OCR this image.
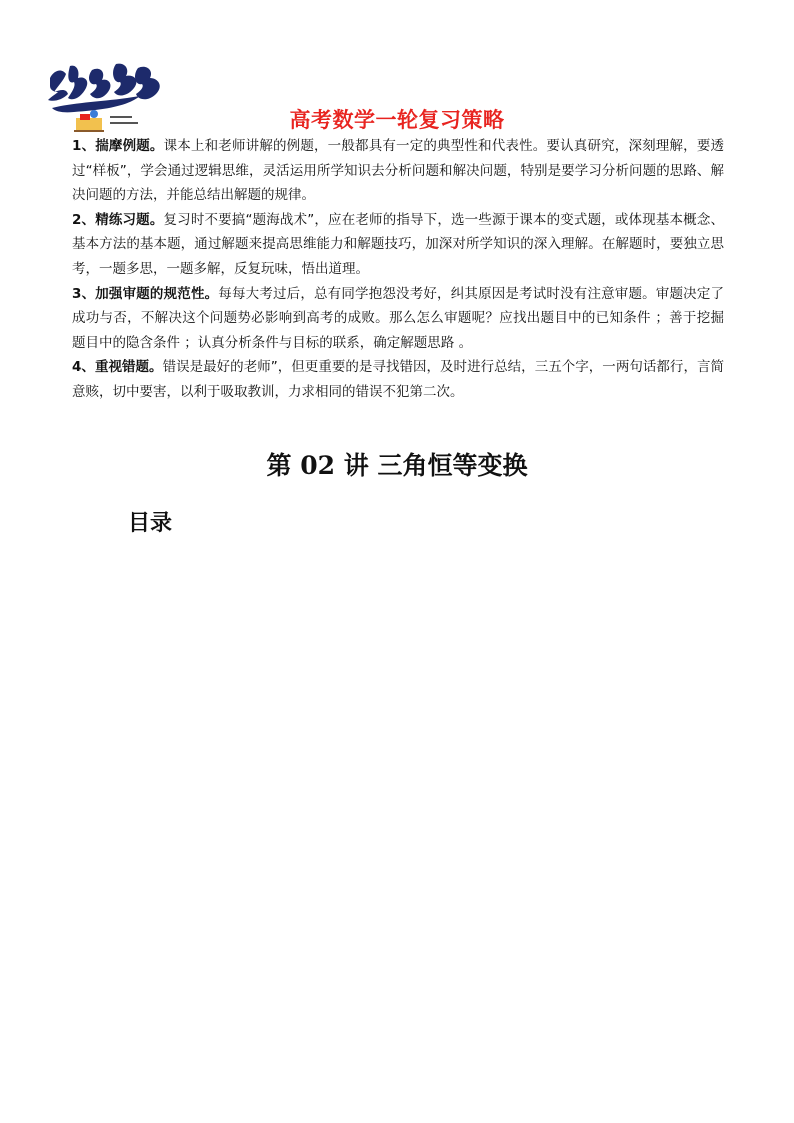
高考数学一轮复习策略

1、揣摩例题。课本上和老师讲解的例题，一般都具有一定的典型性和代表性。要认真研究，深刻理解，要透过“样板”，学会通过逻辑思维，灵活运用所学知识去分析问题和解决问题，特别是要学习分析问题的思路、解决问题的方法，并能总结出解题的规律。

2、精练习题。复习时不要搞“题海战术”，应在老师的指导下，选一些源于课本的变式题，或体现基本概念、基本方法的基本题，通过解题来提高思维能力和解题技巧，加深对所学知识的深入理解。在解题时，要独立思考，一题多思，一题多解，反复玩味，悟出道理。

3、加强审题的规范性。每每大考过后，总有同学抱怨没考好，纠其原因是考试时没有注意审题。审题决定了成功与否，不解决这个问题势必影响到高考的成败。那么怎么审题呢？应找出题目中的已知条件 ；善于挖掘题目中的隐含条件 ；认真分析条件与目标的联系，确定解题思路 。

4、重视错题。错误是最好的老师”，但更重要的是寻找错因，及时进行总结，三五个字，一两句话都行，言简意赅，切中要害，以利于吸取教训，力求相同的错误不犯第二次。

第 02 讲 三角恒等变换
目录
